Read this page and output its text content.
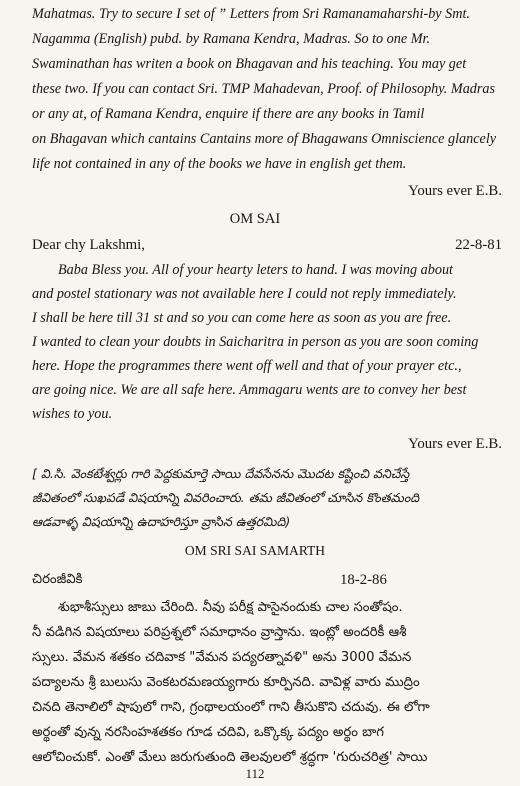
Mahatmas. Try to secure I set of ” Letters from Sri Ramanamaharshi-by Smt.
Nagamma (English) pubd. by Ramana Kendra, Madras. So to one Mr.
Swaminathan has writen a book on Bhagavan and his teaching. You may get
these two. If you can contact Sri. TMP Mahadevan, Proof. of Philosophy. Madras
or any at, of Ramana Kendra, enquire if there are any books in Tamil
on Bhagavan which cantains Cantains more of Bhagawans Omniscience glancely
life not contained in any of the books we have in english get them.
Yours ever E.B.
OM SAI
Dear chy Lakshmi,	22-8-81
Baba Bless you. All of your hearty leters to hand. I was moving about
and postel stationary was not available here I could not reply immediately.
I shall be here till 31 st and so you can come here as soon as you are free.
I wanted to clean your doubts in Saicharitra in person as you are soon coming
here. Hope the programmes there went off well and that of your prayer etc.,
are going nice. We are all safe here. Ammagaru wents are to convey her best
wishes to you.
Yours ever E.B.
[ వి.సి. వెంకటేశ్వర్లు గారి పెద్దకుమార్తె సాయి దేవసేనను మొదట కష్టించి వనిచేస్తే
జీవితంలో సుఖపడే విషయాన్ని వివరించారు. తమ జీవితంలో చూసిన కొంతమంది
ఆడవాళ్ళ విషయాన్ని ఉదాహరిస్తూ వ్రాసిన ఉత్తరమిది)
OM SRI SAI SAMARTH
చిరంజీవికి	18-2-86
శుభాశీస్సులు జాబు చేరింది. నీవు పరీక్ష పాసైనందుకు చాల సంతోషం.
నీ వడిగిన విషయాలు పరిప్రశ్నలో సమాధానం వ్రాస్తాను. ఇంట్లో అందరికీ ఆశీ
స్సులు. వేమన శతకం చదివాక "వేమన పద్యరత్నావళి" అను 3000 వేమన
పద్యాలను శ్రీ బులుసు వెంకటరమణయ్యగారు కూర్పినది. వావిళ్ల వారు ముద్రిం
చినది తెనాలిలో షాపులో గాని, గ్రంథాలయంలో గాని తీసుకొని చదువు. ఈ లోగా
అర్థంతో వున్న నరసింహశతకం గూడ చదివి, ఒక్కొక్క పద్యం అర్థం బాగ
ఆలోచించుకో. ఎంతో మేలు జరుగుతుంది తెలవులలో శ్రద్ధగా 'గురుచరిత్ర' సాయి
112
